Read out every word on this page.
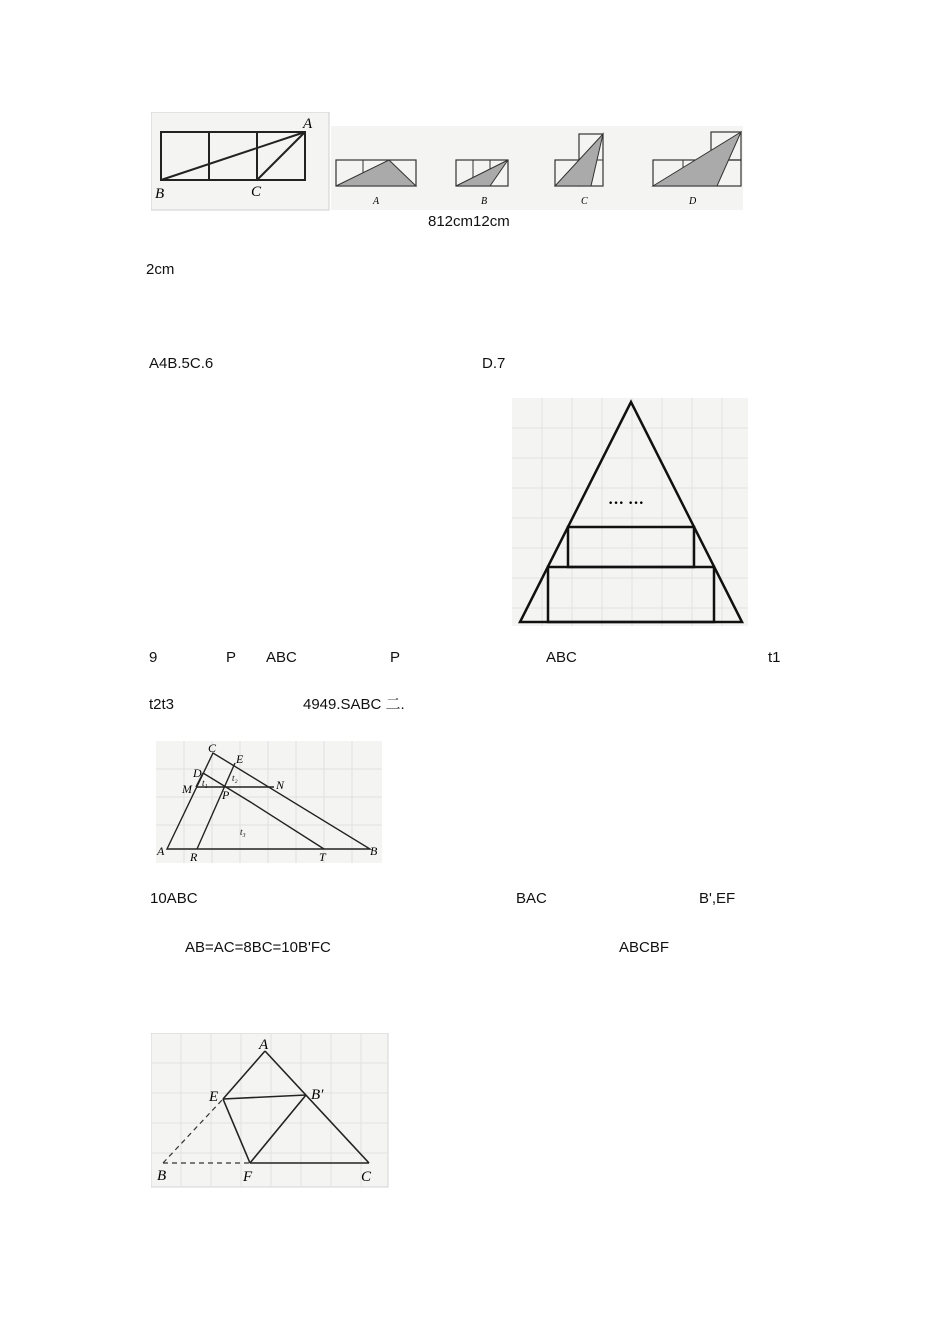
A
B	C
A	B	C	D
812cm12cm
2cm
A4B.5C.6	D.7
··· ···
9	P ABC	P	ABC	t1
t2t3	4949.SABC 二.
C
E
D
M	N
P
A R	T	B
t₁	t₂
t₃
10ABC	BAC	B',EF
AB=AC=8BC=10B'FC	ABCBF
A
E	B′
B	F	C
